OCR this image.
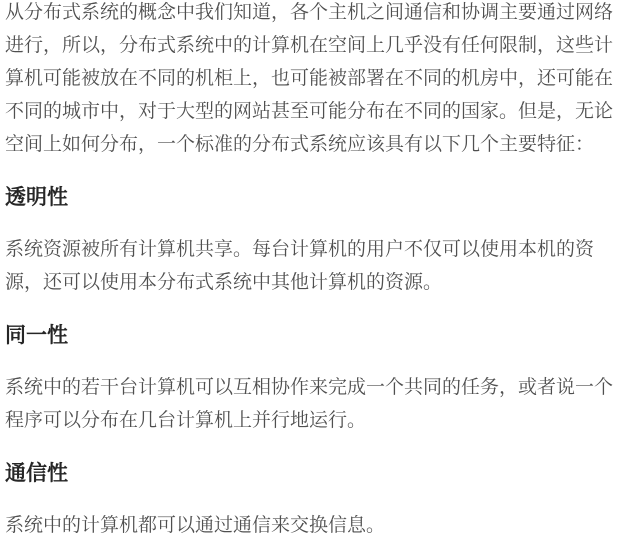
从分布式系统的概念中我们知道，各个主机之间通信和协调主要通过网络进行，所以，分布式系统中的计算机在空间上几乎没有任何限制，这些计算机可能被放在不同的机柜上，也可能被部署在不同的机房中，还可能在不同的城市中，对于大型的网站甚至可能分布在不同的国家。但是，无论空间上如何分布，一个标准的分布式系统应该具有以下几个主要特征：

透明性

系统资源被所有计算机共享。每台计算机的用户不仅可以使用本机的资源，还可以使用本分布式系统中其他计算机的资源。

同一性

系统中的若干台计算机可以互相协作来完成一个共同的任务，或者说一个程序可以分布在几台计算机上并行地运行。

通信性

系统中的计算机都可以通过通信来交换信息。
